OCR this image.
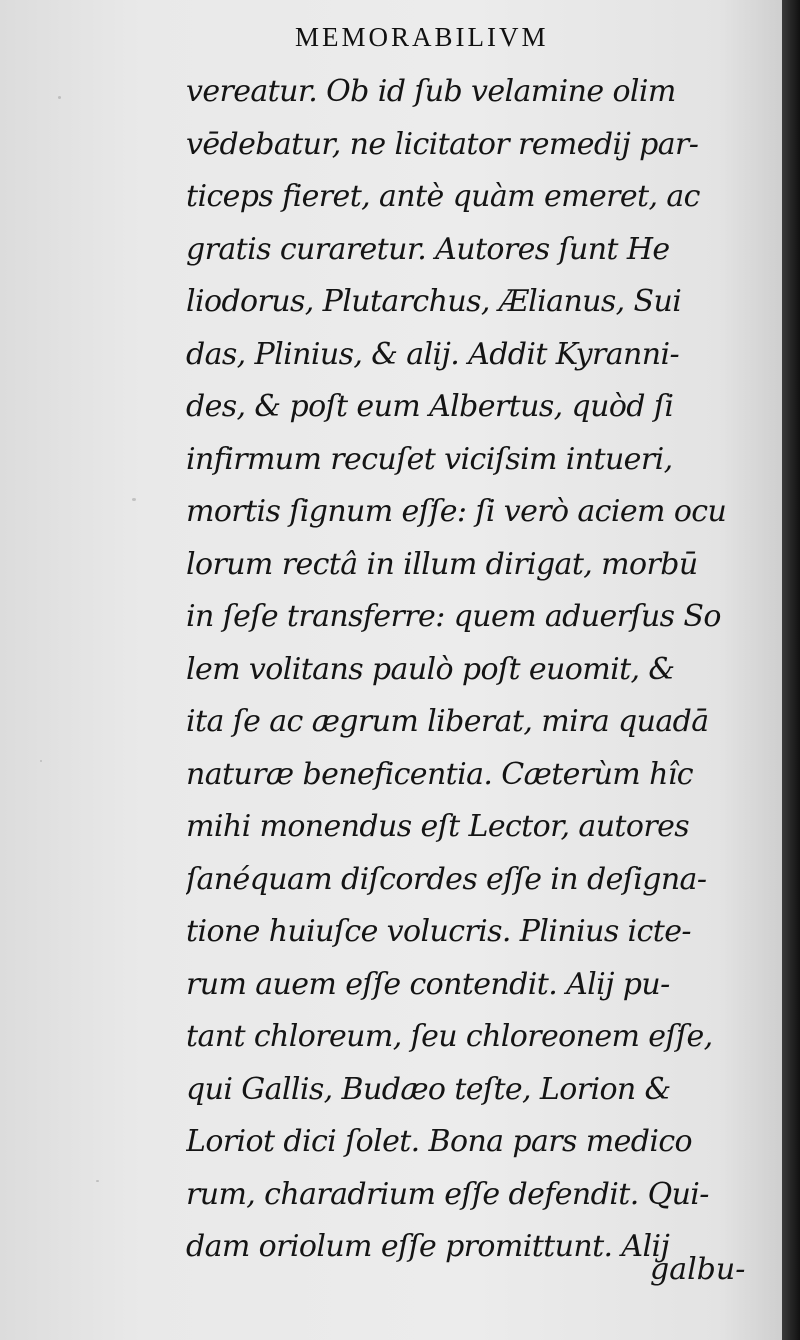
MEMORABILIVM
vereatur. Ob id ſub velamine olim
vēdebatur, ne licitator remedij par-
ticeps fieret, antè quàm emeret, ac
gratis curaretur. Autores ſunt He
liodorus, Plutarchus, Ælianus, Sui
das, Plinius, & alij. Addit Kyranni-
des, & poſt eum Albertus, quòd ſi
infirmum recuſet viciſsim intueri,
mortis ſignum eſſe: ſi verò aciem ocu
lorum rectâ in illum dirigat, morbū
in ſeſe transferre: quem aduerſus So
lem volitans paulò poſt euomit, &
ita ſe ac ægrum liberat, mira quadā
naturæ beneficentia. Cæterùm hîc
mihi monendus eſt Lector, autores
ſanéquam diſcordes eſſe in deſigna-
tione huiuſce volucris. Plinius icte-
rum auem eſſe contendit. Alij pu-
tant chloreum, ſeu chloreonem eſſe,
qui Gallis, Budæo teſte, Lorion &
Loriot dici ſolet. Bona pars medico
rum, charadrium eſſe defendit. Qui-
dam oriolum eſſe promittunt. Alij
galbu-
